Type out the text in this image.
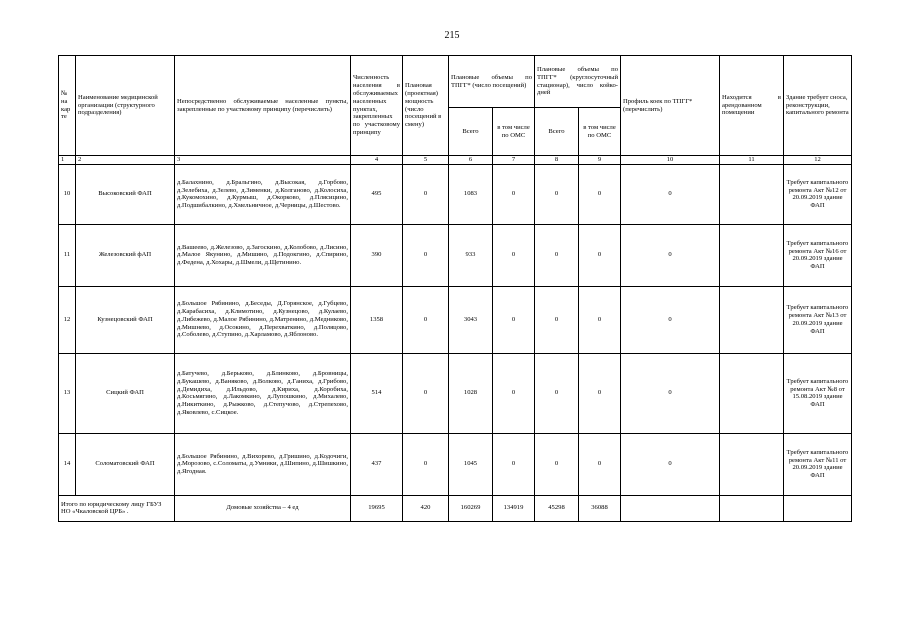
215
№ на карте	Наименование медицинской организации (структурного подразделения)	Непосредственно обслуживаемые населенные пункты, закрепленные по участковому принципу (перечислить)	Численность населения в обслуживаемых населенных пунктах, закрепленных по участковому принципу	Плановая (проектная) мощность (число посещений в смену)	Плановые объемы по ТПГГ* (число посещений)		Плановые объемы по ТПГГ* (круглосуточный стационар), число койко-дней		Профиль коек по ТПГГ* (перечислить)	Находится в арендованном помещении	Здание требует сноса, реконструкции, капитального ремонта
					Всего	в том числе по ОМС	Всего	в том числе по ОМС			
1	2	3	4	5	6	7	8	9	10	11	12
10	Высоковский ФАП	д.Балахнино, д.Бральгино, д.Высокая, д.Горбово, д.Зелебиха, д.Зелево, д.Зименки, д.Колганово, д.Колосиха, д.Кукомохино, д.Курмыш, д.Окорково, д.Плясицино, д.Подшибалкино, д.Хмельничное, д.Черницы, д.Шестово.	495	0	1083	0	0	0	0		Требует капитального ремонта Акт №12 от 20.09.2019 здание ФАП
11	Железовский фАП	д.Вашеево, д.Железово, д.Загоскино, д.Колобово, д.Лисино, д.Малое Якунино, д.Мишино, д.Подокгино, д.Спирино, д.Федена, д.Хохары, д.Шмели, д.Щетинино.	390	0	933	0	0	0	0		Требует капитального ремонта Акт №16 от 20.09.2019 здание ФАП
12	Кузнецовский ФАП	д.Большое Рябинино, д.Беседы, Д.Горянское, д.Губцево, д.Карабасиха, д.Климотино, д.Кузнецово, д.Кулаево, д.Либежево, д.Малое Рябинино, д.Матренино, д.Медниково, д.Мишнево, д.Осокино, д.Перехваткино, д.Поляцово, д.Соболево, д.Ступино, д.Харламово, д.Яблоново.	1358	0	3043	0	0	0	0		Требует капитального ремонта Акт №13 от 20.09.2019 здание ФАП
13	Сицкий ФАП	д.Батучево, д.Берьково, д.Блинково, д.Бровницы, д.Букашево, д.Ваняково, д.Волково, д.Ганиха, д.Грибово, д.Демидиха, д.Ильдово, д.Кириха, д.Коробиха, д.Косьмягино, д.Лакомкино, д.Лупошкино, д.Михалево, д.Никиткино, д.Рыжково, д.Степучово, д.Стрепехово, д.Яковлево, с.Сицкое.	514	0	1028	0	0	0	0		Требует капитального ремонта Акт №8 от 15.08.2019 здание ФАП
14	Соломатовский ФАП	д.Большое Рябинино, д.Вихорево, д.Гришино, д.Кодочиги, д.Морозово, с.Соломаты, д.Умники, д.Шипино, д.Шишкино, д.Ягодная.	437	0	1045	0	0	0	0		Требует капитального ремонта Акт №11 от 20.09.2019 здание ФАП
Итого по юридическому лицу ГБУЗ НО «Чкаловской ЦРБ» .		Домовые хозяйства – 4 ед	19695	420	160269	134919	45298	36088			
